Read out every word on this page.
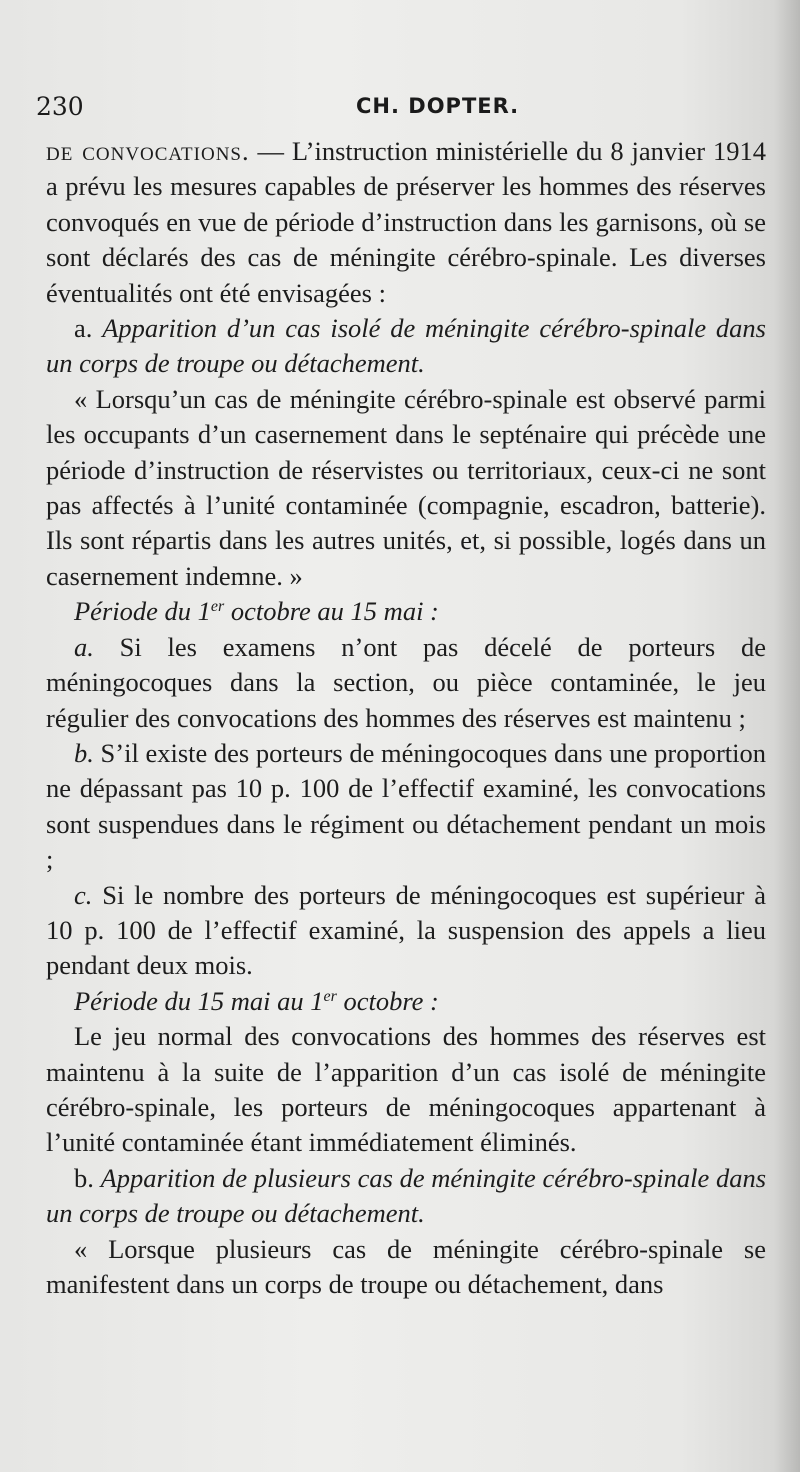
230	CH. DOPTER.

de convocations. — L’instruction ministérielle du 8 janvier 1914 a prévu les mesures capables de préserver les hommes des réserves convoqués en vue de période d’instruction dans les garnisons, où se sont déclarés des cas de méningite cérébro-spinale. Les diverses éventualités ont été envisagées :

a. Apparition d’un cas isolé de méningite cérébro-spinale dans un corps de troupe ou détachement.

« Lorsqu’un cas de méningite cérébro-spinale est observé parmi les occupants d’un casernement dans le septénaire qui précède une période d’instruction de réservistes ou territoriaux, ceux-ci ne sont pas affectés à l’unité contaminée (compagnie, escadron, batterie). Ils sont répartis dans les autres unités, et, si possible, logés dans un casernement indemne. »

Période du 1er octobre au 15 mai :

a. Si les examens n’ont pas décelé de porteurs de méningocoques dans la section, ou pièce contaminée, le jeu régulier des convocations des hommes des réserves est maintenu ;

b. S’il existe des porteurs de méningocoques dans une proportion ne dépassant pas 10 p. 100 de l’effectif examiné, les convocations sont suspendues dans le régiment ou détachement pendant un mois ;

c. Si le nombre des porteurs de méningocoques est supérieur à 10 p. 100 de l’effectif examiné, la suspension des appels a lieu pendant deux mois.

Période du 15 mai au 1er octobre :

Le jeu normal des convocations des hommes des réserves est maintenu à la suite de l’apparition d’un cas isolé de méningite cérébro-spinale, les porteurs de méningocoques appartenant à l’unité contaminée étant immédiatement éliminés.

b. Apparition de plusieurs cas de méningite cérébro-spinale dans un corps de troupe ou détachement.

« Lorsque plusieurs cas de méningite cérébro-spinale se manifestent dans un corps de troupe ou détachement, dans
